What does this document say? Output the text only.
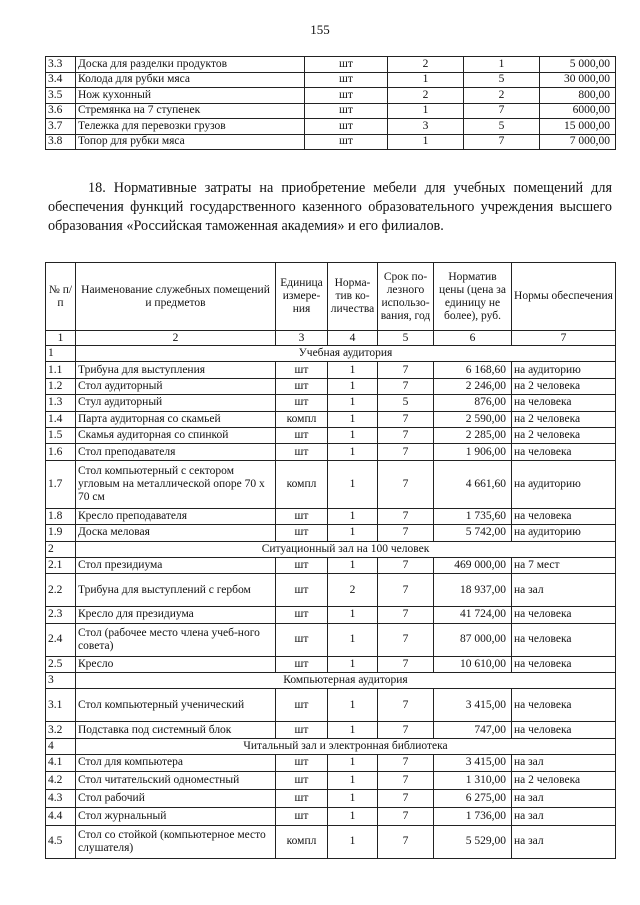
155
3.3	Доска для разделки продуктов	шт	2	1	5 000,00
3.4	Колода для рубки мяса	шт	1	5	30 000,00
3.5	Нож кухонный	шт	2	2	800,00
3.6	Стремянка на 7 ступенек	шт	1	7	6000,00
3.7	Тележка для перевозки грузов	шт	3	5	15 000,00
3.8	Топор для рубки мяса	шт	1	7	7 000,00
18. Нормативные затраты на приобретение мебели для учебных помещений для обеспечения функций государственного казенного образовательного учреждения высшего образования «Российская таможенная академия» и его филиалов.
№ п/п	Наименование служебных помещений и предметов	Единица измере-ния	Норма-тив ко-личества	Срок по-лезного использо-вания, год	Норматив цены (цена за единицу не более), руб.	Нормы обеспечения
1	2	3	4	5	6	7
1	Учебная аудитория					
1.1	Трибуна для выступления	шт	1	7	6 168,60	на аудиторию
1.2	Стол аудиторный	шт	1	7	2 246,00	на 2 человека
1.3	Стул аудиторный	шт	1	5	876,00	на человека
1.4	Парта аудиторная со скамьей	компл	1	7	2 590,00	на 2 человека
1.5	Скамья аудиторная со спинкой	шт	1	7	2 285,00	на 2 человека
1.6	Стол преподавателя	шт	1	7	1 906,00	на человека
1.7	Стол компьютерный с сектором угловым на металлической опоре 70 х 70 см	компл	1	7	4 661,60	на аудиторию
1.8	Кресло преподавателя	шт	1	7	1 735,60	на человека
1.9	Доска меловая	шт	1	7	5 742,00	на аудиторию
2	Ситуационный зал на 100 человек					
2.1	Стол президиума	шт	1	7	469 000,00	на 7 мест
2.2	Трибуна для выступлений с гербом	шт	2	7	18 937,00	на зал
2.3	Кресло для президиума	шт	1	7	41 724,00	на человека
2.4	Стол (рабочее место члена учеб-ного совета)	шт	1	7	87 000,00	на человека
2.5	Кресло	шт	1	7	10 610,00	на человека
3	Компьютерная аудитория					
3.1	Стол компьютерный ученический	шт	1	7	3 415,00	на человека
3.2	Подставка под системный блок	шт	1	7	747,00	на человека
4	Читальный зал и электронная библиотека					
4.1	Стол для компьютера	шт	1	7	3 415,00	на зал
4.2	Стол читательский одноместный	шт	1	7	1 310,00	на 2 человека
4.3	Стол рабочий	шт	1	7	6 275,00	на зал
4.4	Стол журнальный	шт	1	7	1 736,00	на зал
4.5	Стол со стойкой (компьютерное место слушателя)	компл	1	7	5 529,00	на зал
